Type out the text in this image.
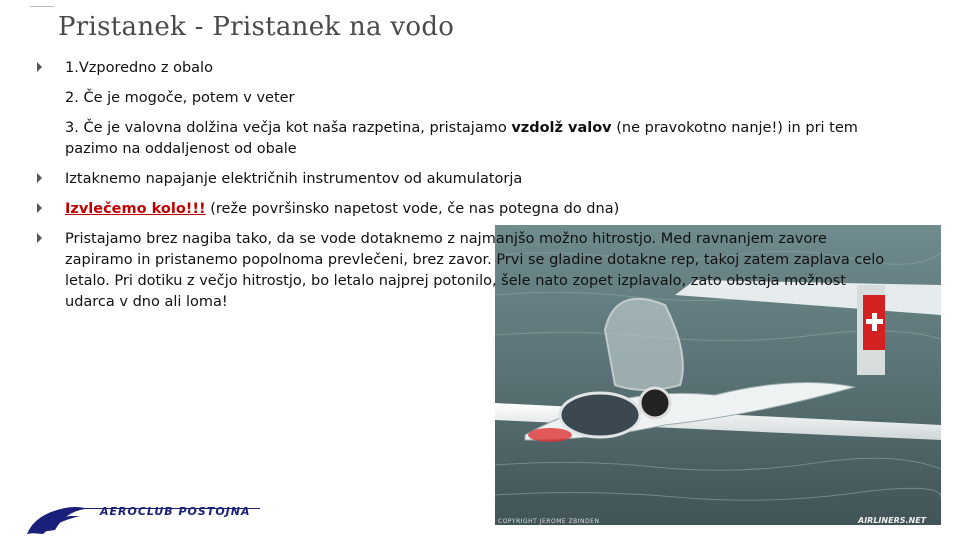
Pristanek - Pristanek na vodo
COPYRIGHT JEROME ZBINDEN	AIRLINERS.NET
1.Vzporedno z obalo
2. Če je mogoče, potem v veter
3. Če je valovna dolžina večja kot naša razpetina, pristajamo vzdolž valov (ne pravokotno nanje!) in pri tem pazimo na oddaljenost od obale
Iztaknemo napajanje električnih instrumentov od akumulatorja
Izvlečemo kolo!!! (reže površinsko napetost vode, če nas potegna do dna)
Pristajamo brez nagiba tako, da se vode dotaknemo z najmanjšo možno hitrostjo. Med ravnanjem zavore zapiramo in pristanemo popolnoma prevlečeni, brez zavor. Prvi se gladine dotakne rep, takoj zatem zaplava celo letalo. Pri dotiku z večjo hitrostjo, bo letalo najprej potonilo, šele nato zopet izplavalo, zato obstaja možnost udarca v dno ali loma!
AEROCLUB POSTOJNA
